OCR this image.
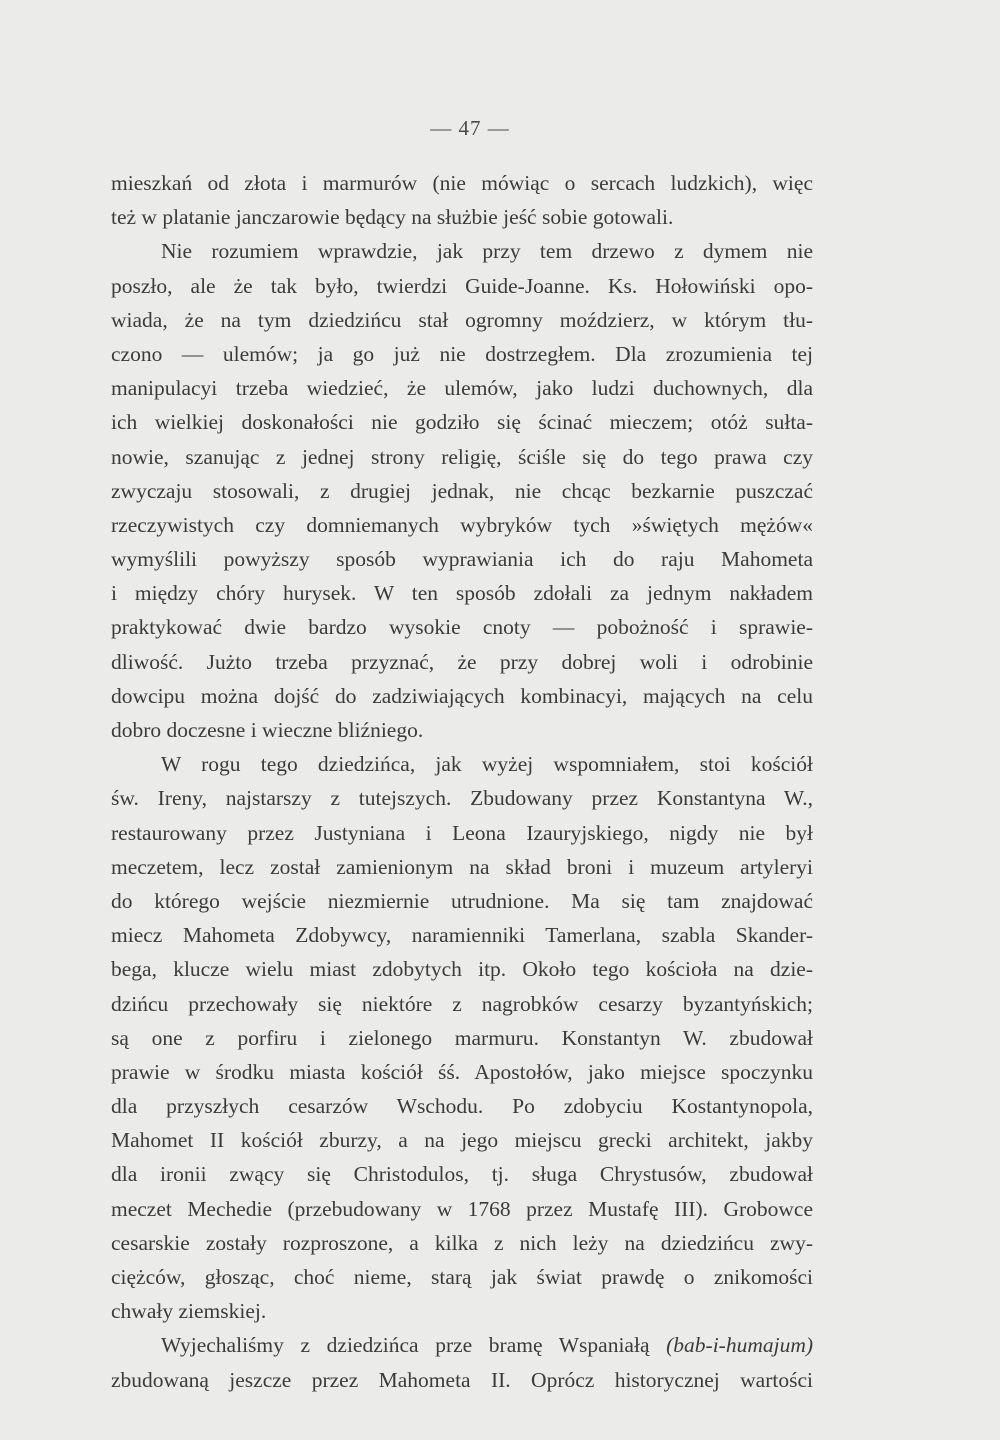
— 47 —
mieszkań od złota i marmurów (nie mówiąc o sercach ludzkich), więc
też w platanie janczarowie będący na służbie jeść sobie gotowali.
Nie rozumiem wprawdzie, jak przy tem drzewo z dymem nie
poszło, ale że tak było, twierdzi Guide-Joanne. Ks. Hołowiński opo-
wiada, że na tym dziedzińcu stał ogromny moździerz, w którym tłu-
czono — ulemów; ja go już nie dostrzegłem. Dla zrozumienia tej
manipulacyi trzeba wiedzieć, że ulemów, jako ludzi duchownych, dla
ich wielkiej doskonałości nie godziło się ścinać mieczem; otóż sułta-
nowie, szanując z jednej strony religię, ściśle się do tego prawa czy
zwyczaju stosowali, z drugiej jednak, nie chcąc bezkarnie puszczać
rzeczywistych czy domniemanych wybryków tych »świętych mężów«
wymyślili powyższy sposób wyprawiania ich do raju Mahometa
i między chóry hurysek. W ten sposób zdołali za jednym nakładem
praktykować dwie bardzo wysokie cnoty — pobożność i sprawie-
dliwość. Jużto trzeba przyznać, że przy dobrej woli i odrobinie
dowcipu można dojść do zadziwiających kombinacyi, mających na celu
dobro doczesne i wieczne bliźniego.
W rogu tego dziedzińca, jak wyżej wspomniałem, stoi kościół
św. Ireny, najstarszy z tutejszych. Zbudowany przez Konstantyna W.,
restaurowany przez Justyniana i Leona Izauryjskiego, nigdy nie był
meczetem, lecz został zamienionym na skład broni i muzeum artyleryi
do którego wejście niezmiernie utrudnione. Ma się tam znajdować
miecz Mahometa Zdobywcy, naramienniki Tamerlana, szabla Skander-
bega, klucze wielu miast zdobytych itp. Około tego kościoła na dzie-
dzińcu przechowały się niektóre z nagrobków cesarzy byzantyńskich;
są one z porfiru i zielonego marmuru. Konstantyn W. zbudował
prawie w środku miasta kościół śś. Apostołów, jako miejsce spoczynku
dla przyszłych cesarzów Wschodu. Po zdobyciu Kostantynopola,
Mahomet II kościół zburzy, a na jego miejscu grecki architekt, jakby
dla ironii zwący się Christodulos, tj. sługa Chrystusów, zbudował
meczet Mechedie (przebudowany w 1768 przez Mustafę III). Grobowce
cesarskie zostały rozproszone, a kilka z nich leży na dziedzińcu zwy-
ciężców, głosząc, choć nieme, starą jak świat prawdę o znikomości
chwały ziemskiej.
Wyjechaliśmy z dziedzińca prze bramę Wspaniałą (bab-i-humajum)
zbudowaną jeszcze przez Mahometa II. Oprócz historycznej wartości
